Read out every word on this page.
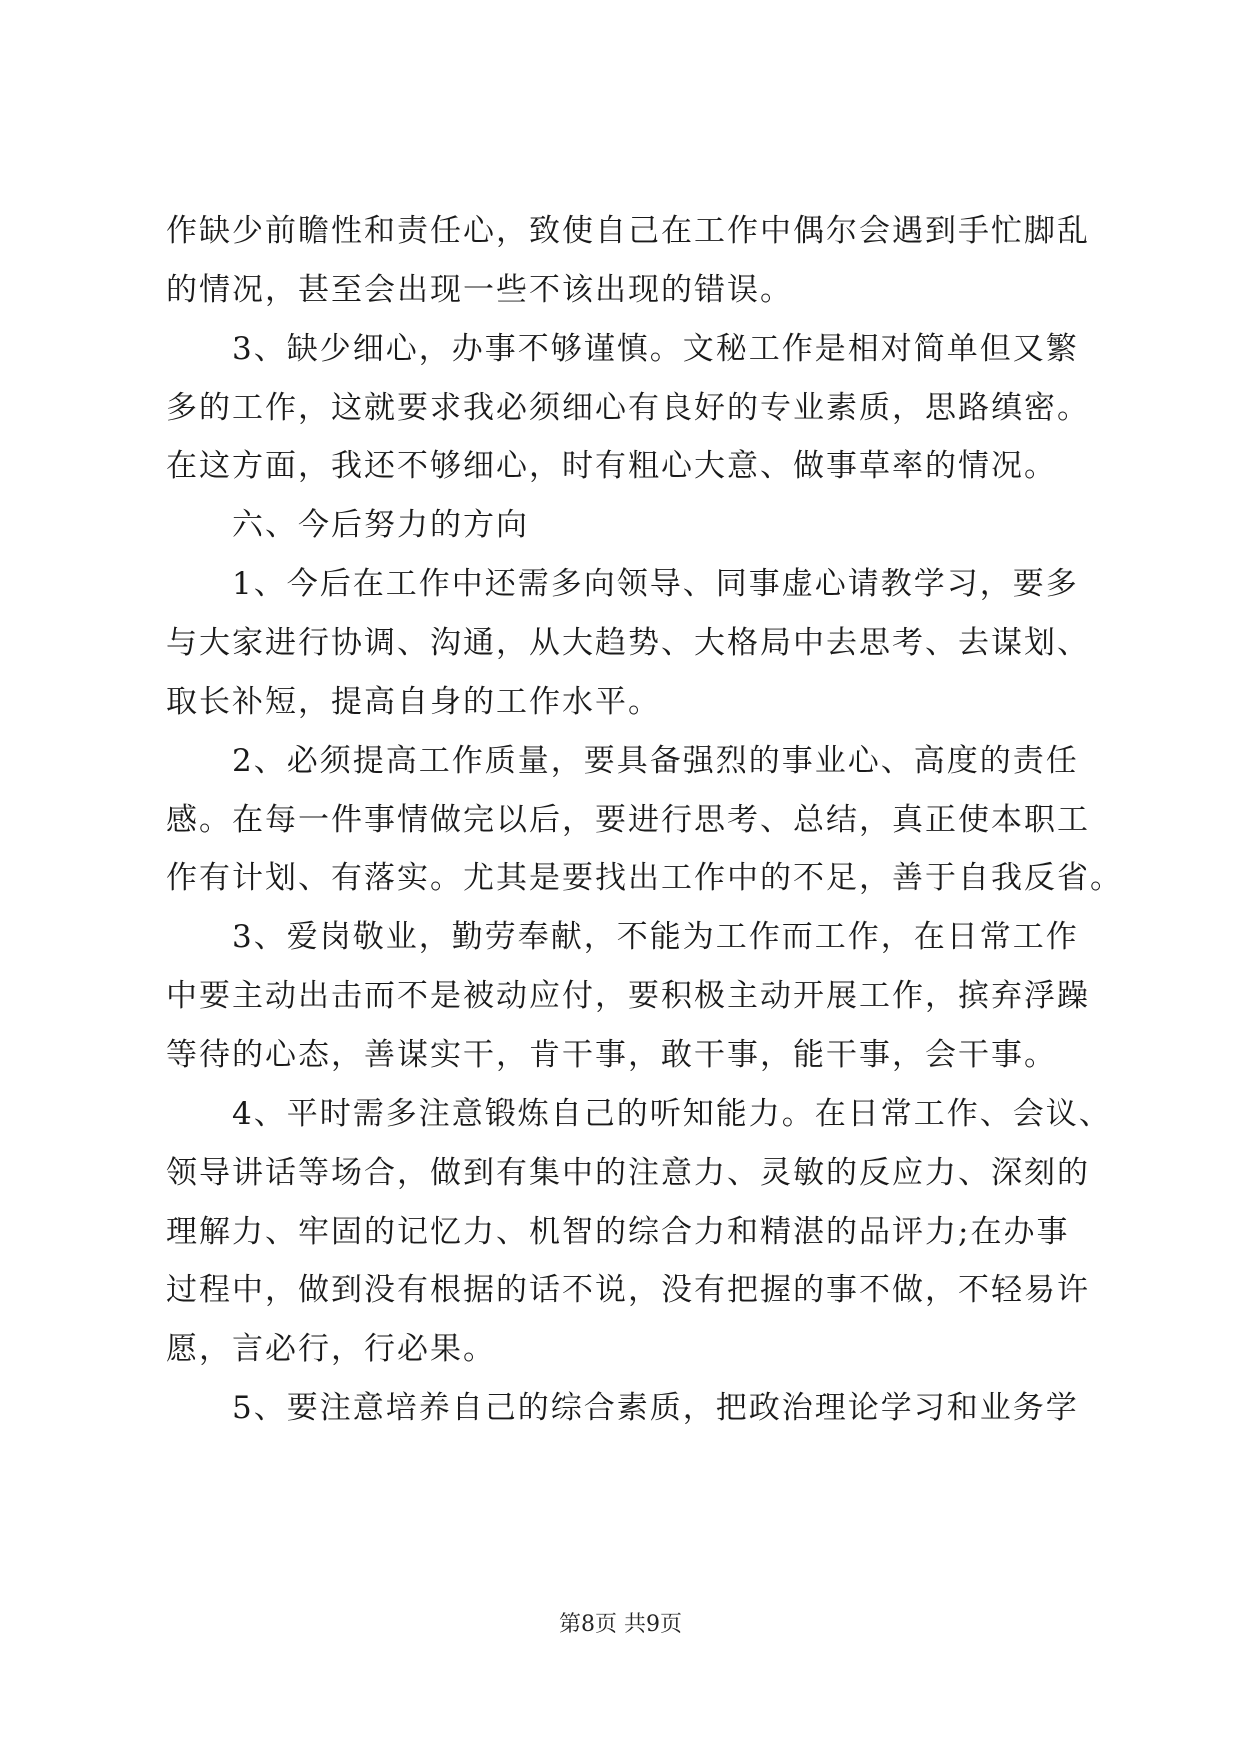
作缺少前瞻性和责任心，致使自己在工作中偶尔会遇到手忙脚乱
的情况，甚至会出现一些不该出现的错误。
　　3、缺少细心，办事不够谨慎。文秘工作是相对简单但又繁
多的工作，这就要求我必须细心有良好的专业素质，思路缜密。
在这方面，我还不够细心，时有粗心大意、做事草率的情况。
　　六、今后努力的方向
　　1、今后在工作中还需多向领导、同事虚心请教学习，要多
与大家进行协调、沟通，从大趋势、大格局中去思考、去谋划、
取长补短，提高自身的工作水平。
　　2、必须提高工作质量，要具备强烈的事业心、高度的责任
感。在每一件事情做完以后，要进行思考、总结，真正使本职工
作有计划、有落实。尤其是要找出工作中的不足，善于自我反省。
　　3、爱岗敬业，勤劳奉献，不能为工作而工作，在日常工作
中要主动出击而不是被动应付，要积极主动开展工作，摈弃浮躁
等待的心态，善谋实干，肯干事，敢干事，能干事，会干事。
　　4、平时需多注意锻炼自己的听知能力。在日常工作、会议、
领导讲话等场合，做到有集中的注意力、灵敏的反应力、深刻的
理解力、牢固的记忆力、机智的综合力和精湛的品评力;在办事
过程中，做到没有根据的话不说，没有把握的事不做，不轻易许
愿，言必行，行必果。
　　5、要注意培养自己的综合素质，把政治理论学习和业务学
第8页 共9页
